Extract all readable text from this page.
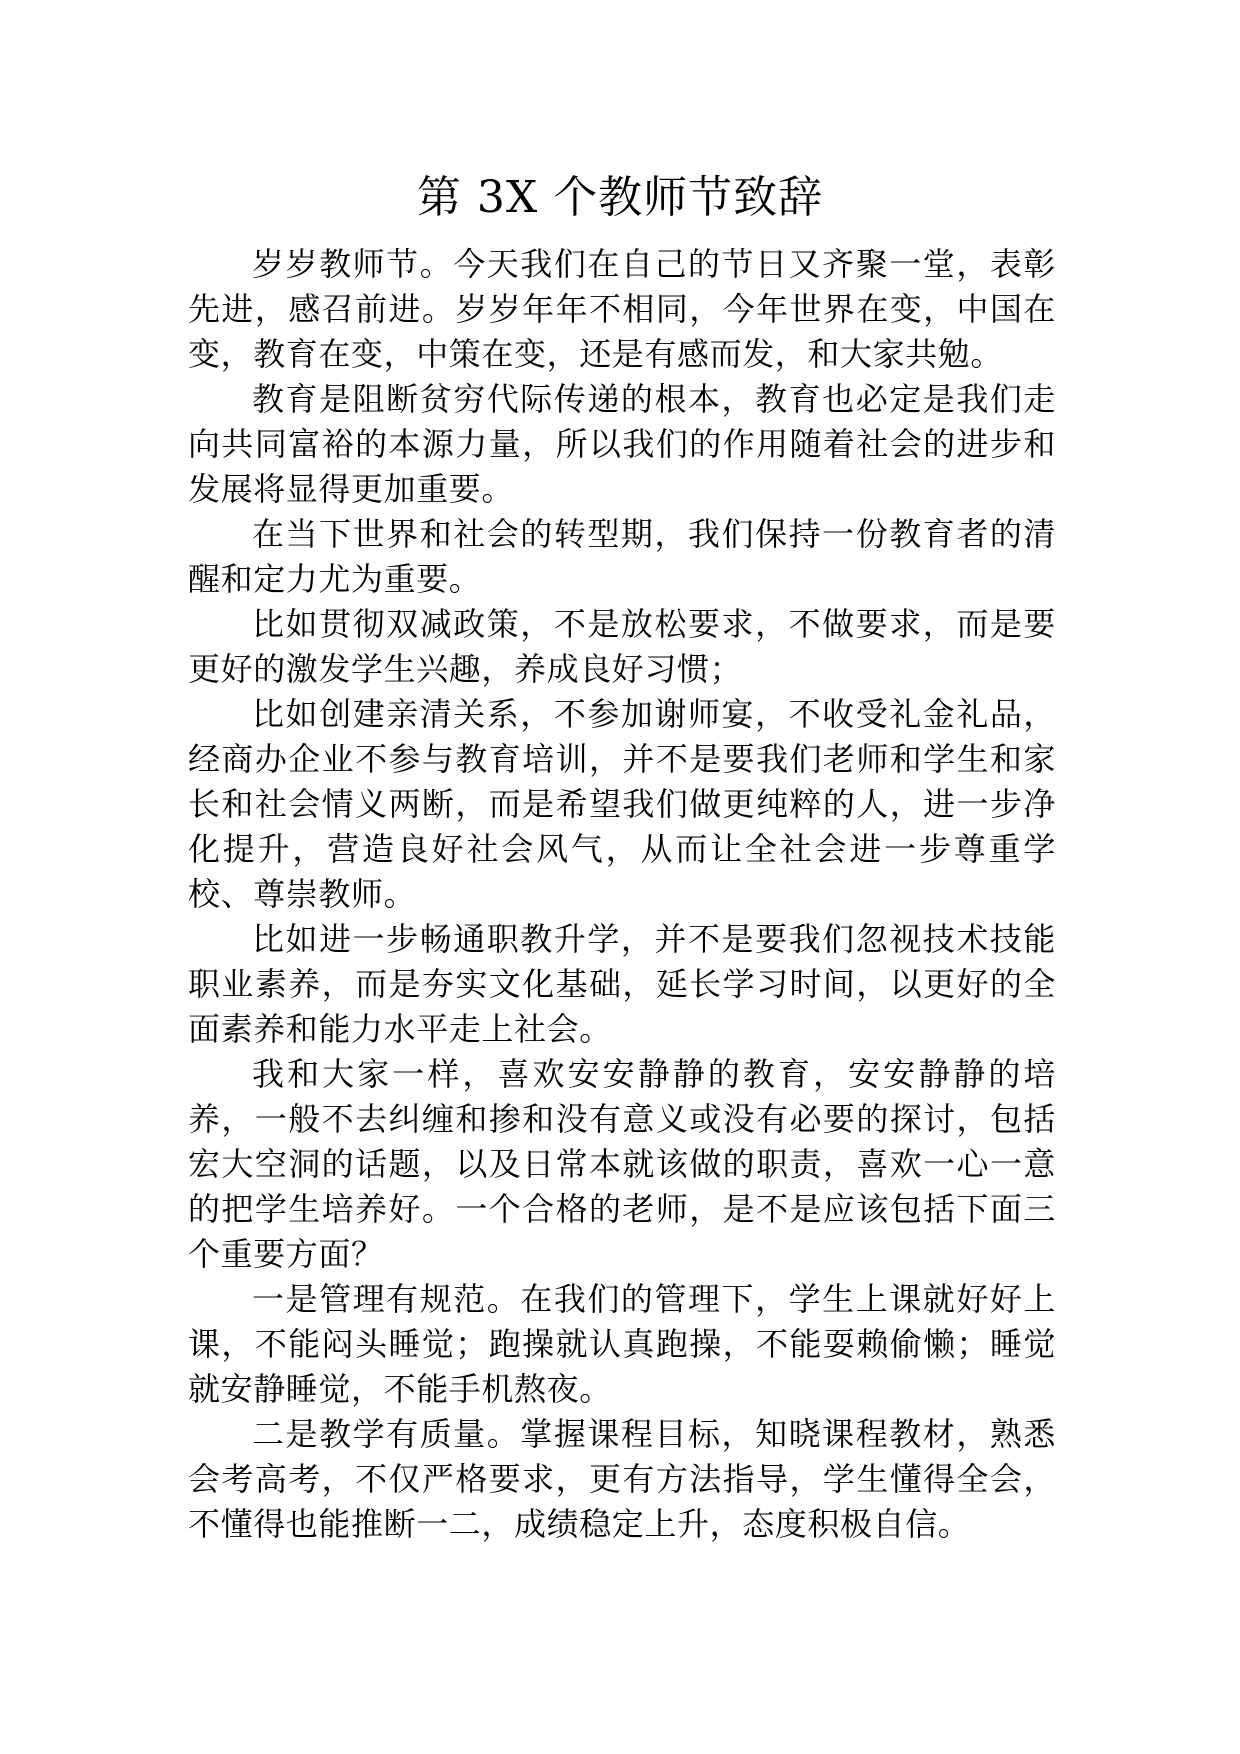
第 3X 个教师节致辞

岁岁教师节。今天我们在自己的节日又齐聚一堂，表彰先进，感召前进。岁岁年年不相同，今年世界在变，中国在变，教育在变，中策在变，还是有感而发，和大家共勉。

教育是阻断贫穷代际传递的根本，教育也必定是我们走向共同富裕的本源力量，所以我们的作用随着社会的进步和发展将显得更加重要。

在当下世界和社会的转型期，我们保持一份教育者的清醒和定力尤为重要。

比如贯彻双减政策，不是放松要求，不做要求，而是要更好的激发学生兴趣，养成良好习惯；

比如创建亲清关系，不参加谢师宴，不收受礼金礼品，经商办企业不参与教育培训，并不是要我们老师和学生和家长和社会情义两断，而是希望我们做更纯粹的人，进一步净化提升，营造良好社会风气，从而让全社会进一步尊重学校、尊崇教师。

比如进一步畅通职教升学，并不是要我们忽视技术技能职业素养，而是夯实文化基础，延长学习时间，以更好的全面素养和能力水平走上社会。

我和大家一样，喜欢安安静静的教育，安安静静的培养，一般不去纠缠和掺和没有意义或没有必要的探讨，包括宏大空洞的话题，以及日常本就该做的职责，喜欢一心一意的把学生培养好。一个合格的老师，是不是应该包括下面三个重要方面？

一是管理有规范。在我们的管理下，学生上课就好好上课，不能闷头睡觉；跑操就认真跑操，不能耍赖偷懒；睡觉就安静睡觉，不能手机熬夜。

二是教学有质量。掌握课程目标，知晓课程教材，熟悉会考高考，不仅严格要求，更有方法指导，学生懂得全会，不懂得也能推断一二，成绩稳定上升，态度积极自信。
